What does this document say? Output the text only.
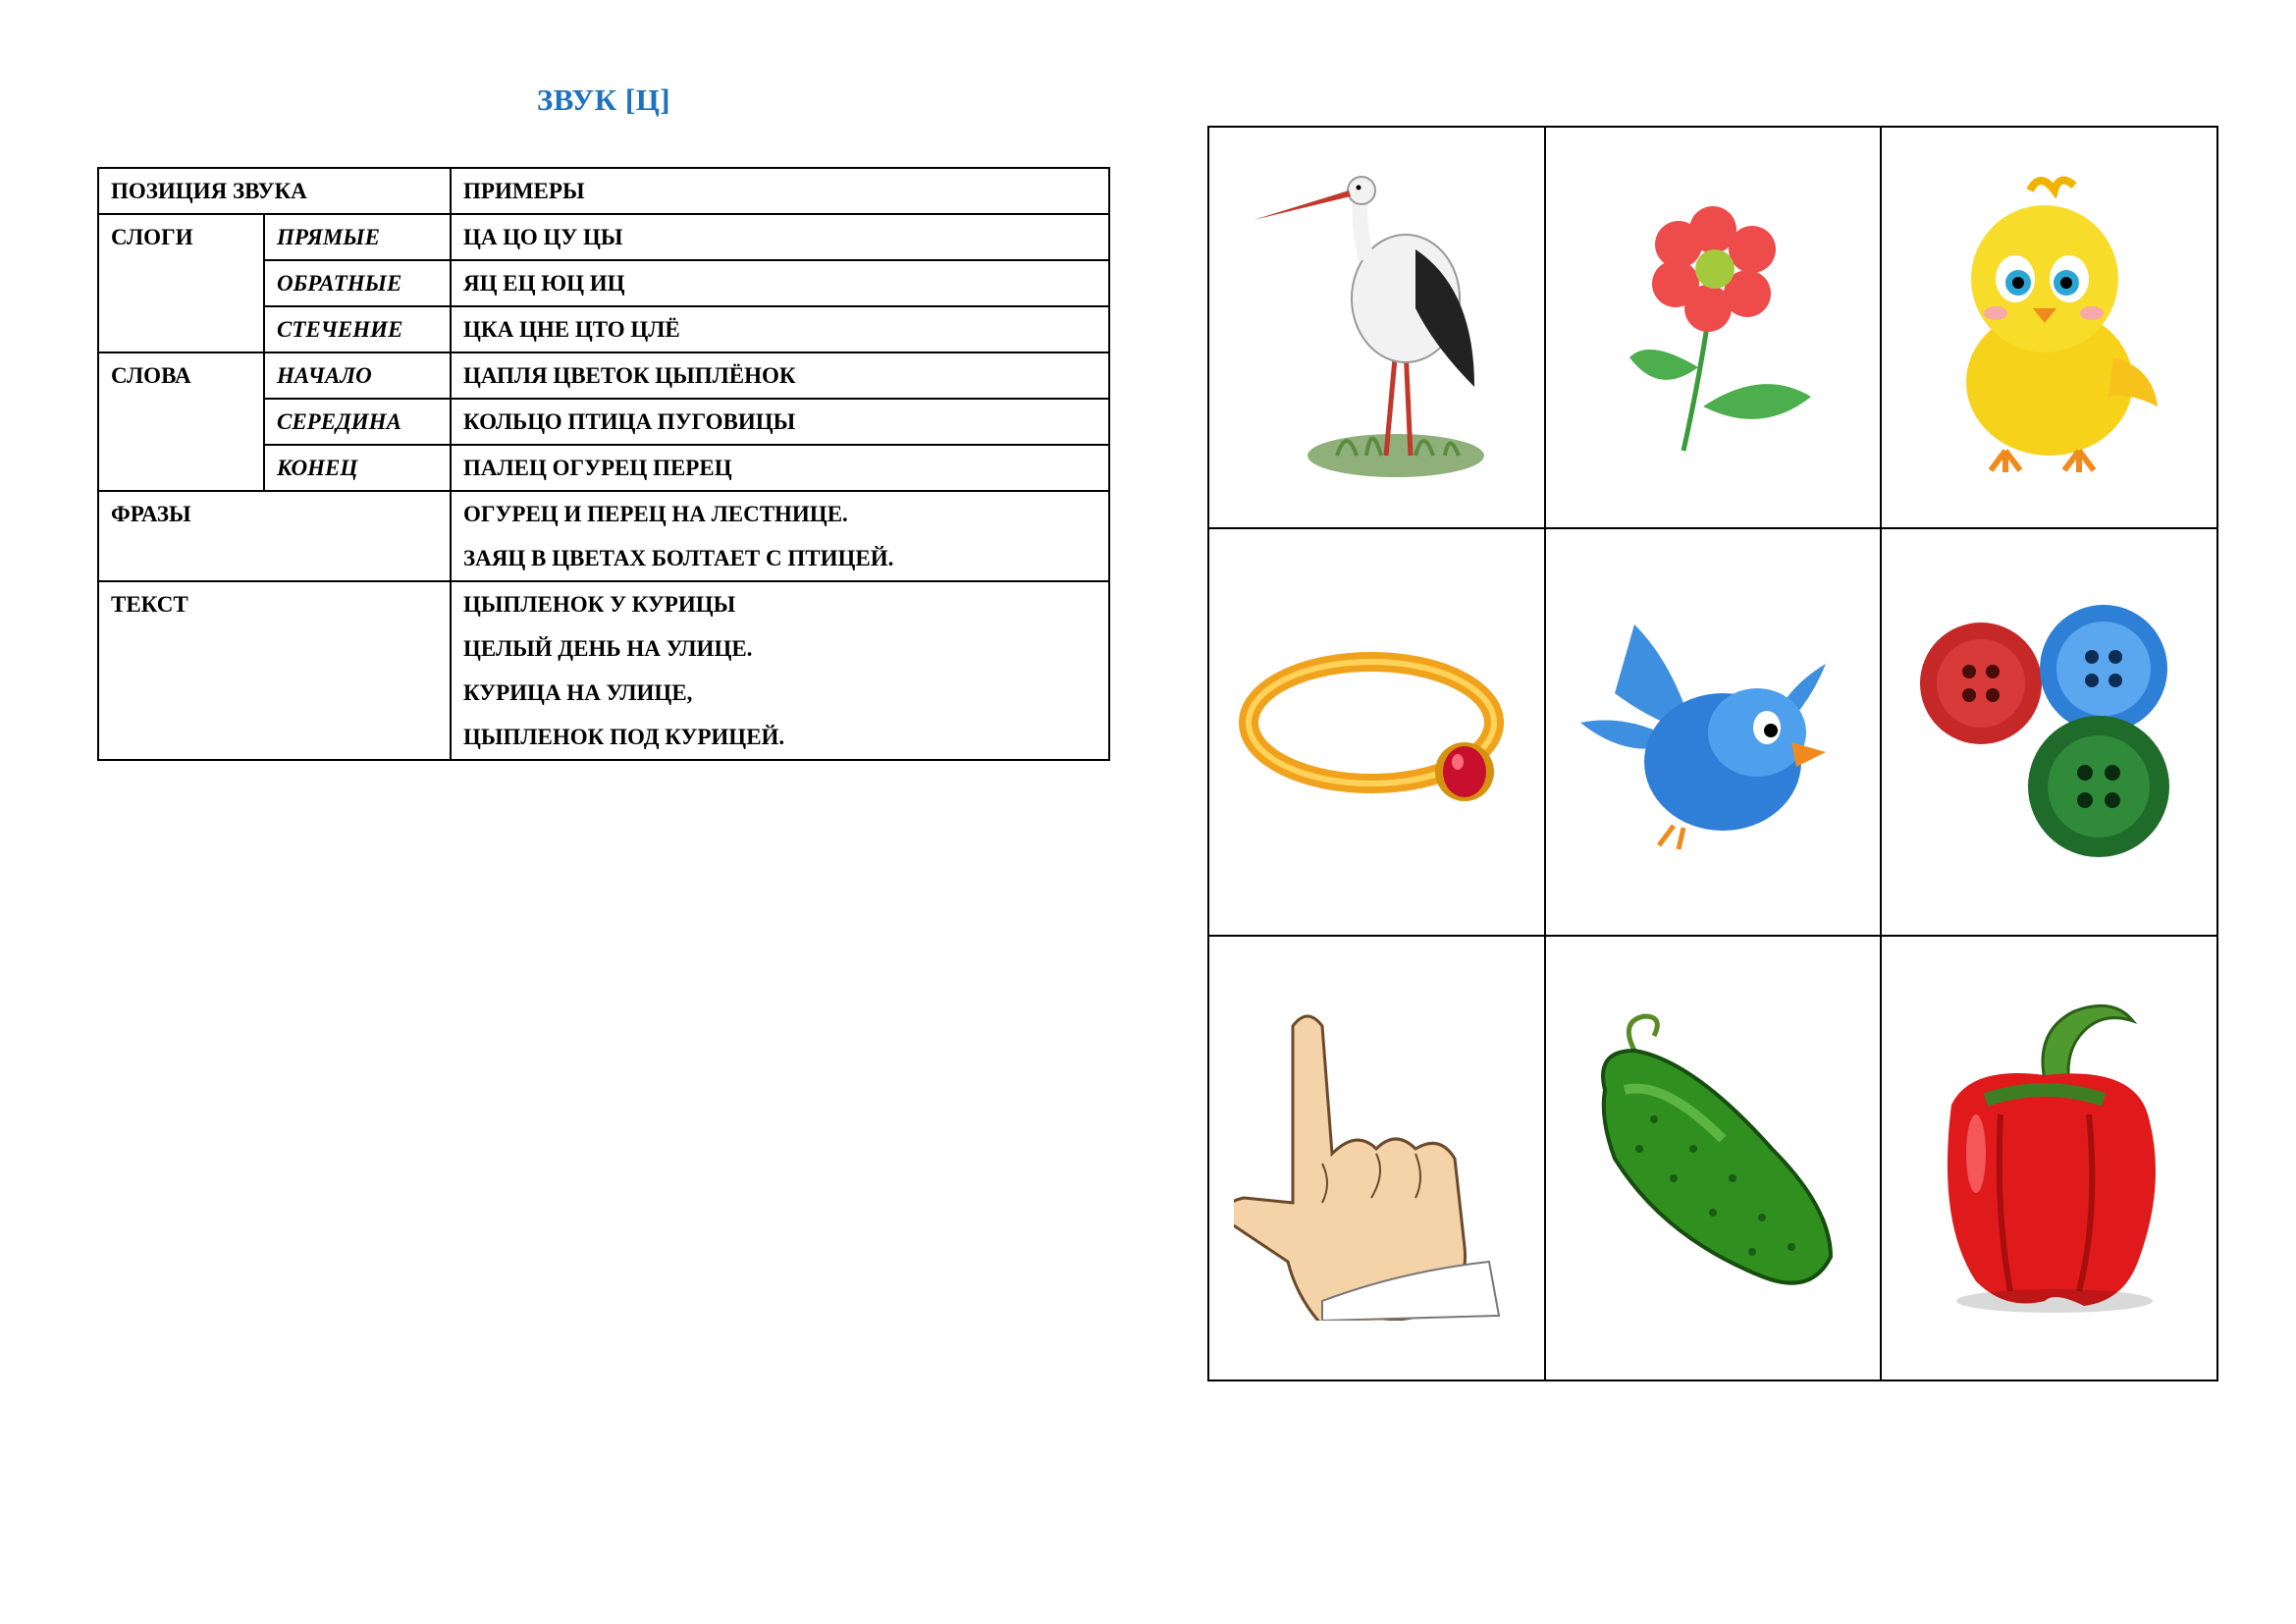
ЗВУК [Ц]
ПОЗИЦИЯ ЗВУКА		ПРИМЕРЫ
СЛОГИ	ПРЯМЫЕ	ЦА ЦО ЦУ ЦЫ
	ОБРАТНЫЕ	ЯЦ ЕЦ ЮЦ ИЦ
	СТЕЧЕНИЕ	ЦКА ЦНЕ ЦТО ЦЛЁ
СЛОВА	НАЧАЛО	ЦАПЛЯ ЦВЕТОК ЦЫПЛЁНОК
	СЕРЕДИНА	КОЛЬЦО ПТИЦА ПУГОВИЦЫ
	КОНЕЦ	ПАЛЕЦ ОГУРЕЦ ПЕРЕЦ
ФРАЗЫ		ОГУРЕЦ И ПЕРЕЦ НА ЛЕСТНИЦЕ.
ЗАЯЦ В ЦВЕТАХ БОЛТАЕТ С ПТИЦЕЙ.

ТЕКСТ		ЦЫПЛЕНОК У КУРИЦЫ
ЦЕЛЫЙ ДЕНЬ НА УЛИЦЕ.
КУРИЦА НА УЛИЦЕ,
ЦЫПЛЕНОК ПОД КУРИЦЕЙ.
